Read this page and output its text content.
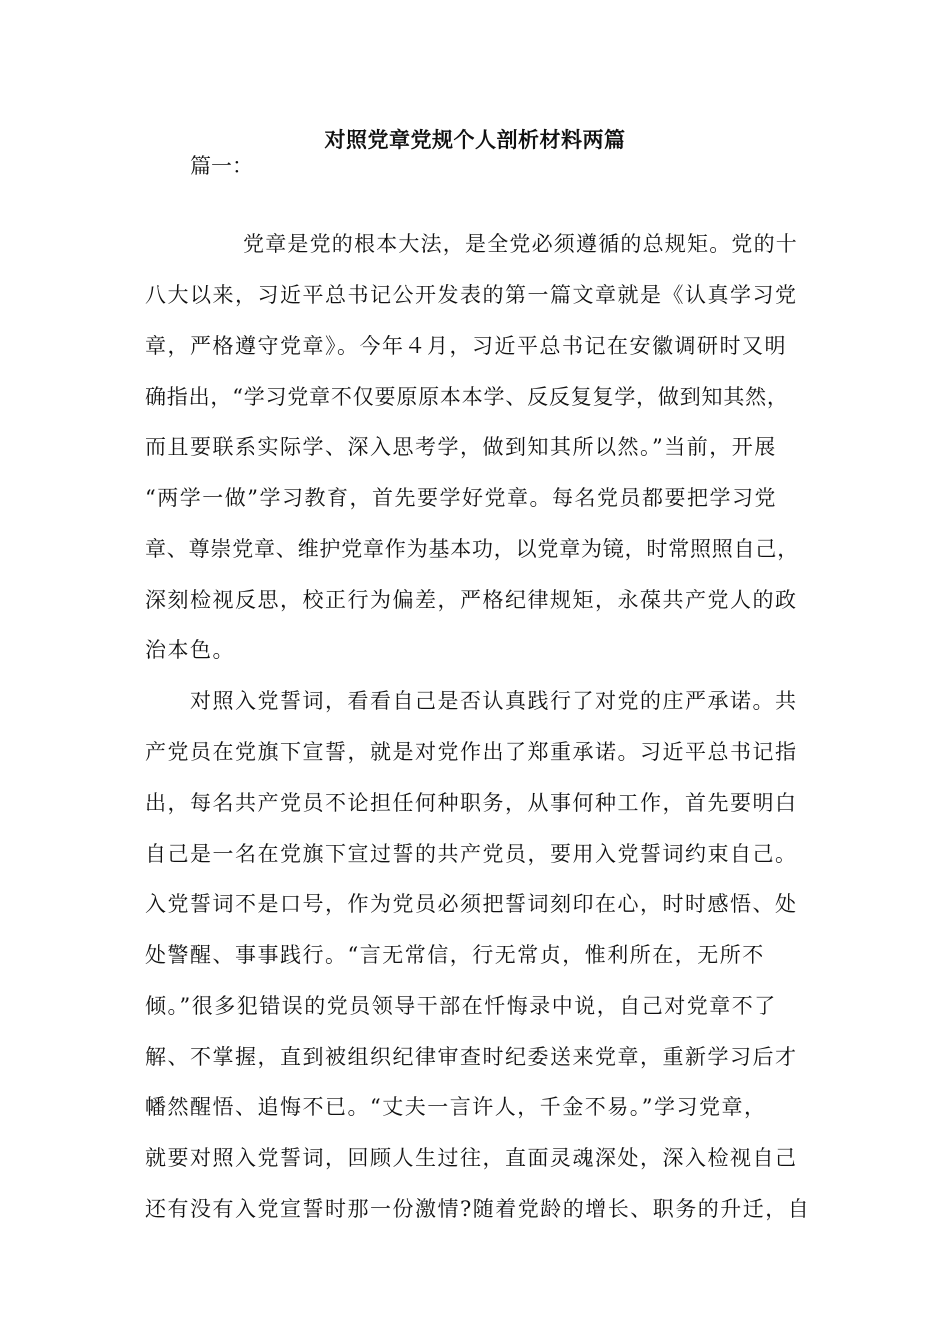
对照党章党规个人剖析材料两篇
篇一：
党章是党的根本大法，是全党必须遵循的总规矩。党的十
八大以来，习近平总书记公开发表的第一篇文章就是《认真学习党
章，严格遵守党章》。今年４月，习近平总书记在安徽调研时又明
确指出，“学习党章不仅要原原本本学、反反复复学，做到知其然，
而且要联系实际学、深入思考学，做到知其所以然。”当前，开展
“两学一做”学习教育，首先要学好党章。每名党员都要把学习党
章、尊崇党章、维护党章作为基本功，以党章为镜，时常照照自己，
深刻检视反思，校正行为偏差，严格纪律规矩，永葆共产党人的政
治本色。
对照入党誓词，看看自己是否认真践行了对党的庄严承诺。共
产党员在党旗下宣誓，就是对党作出了郑重承诺。习近平总书记指
出，每名共产党员不论担任何种职务，从事何种工作，首先要明白
自己是一名在党旗下宣过誓的共产党员，要用入党誓词约束自己。
入党誓词不是口号，作为党员必须把誓词刻印在心，时时感悟、处
处警醒、事事践行。“言无常信，行无常贞，惟利所在，无所不
倾。”很多犯错误的党员领导干部在忏悔录中说，自己对党章不了
解、不掌握，直到被组织纪律审查时纪委送来党章，重新学习后才
幡然醒悟、追悔不已。“丈夫一言许人，千金不易。”学习党章，
就要对照入党誓词，回顾人生过往，直面灵魂深处，深入检视自己
还有没有入党宣誓时那一份激情?随着党龄的增长、职务的升迁，自
